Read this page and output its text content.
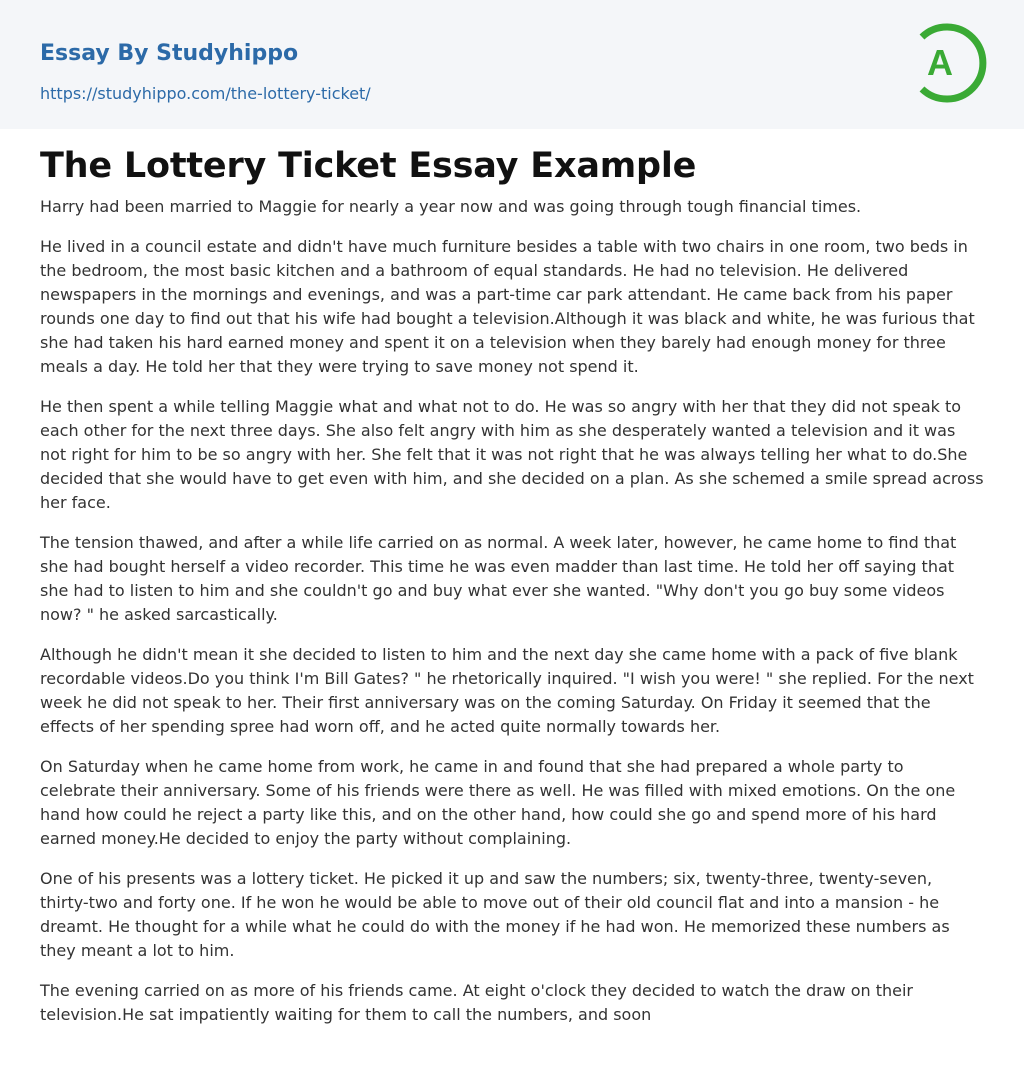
Essay By Studyhippo
https://studyhippo.com/the-lottery-ticket/
A
The Lottery Ticket Essay Example

Harry had been married to Maggie for nearly a year now and was going through tough financial times.

He lived in a council estate and didn't have much furniture besides a table with two chairs in one room, two beds in the bedroom, the most basic kitchen and a bathroom of equal standards. He had no television. He delivered newspapers in the mornings and evenings, and was a part-time car park attendant. He came back from his paper rounds one day to find out that his wife had bought a television.Although it was black and white, he was furious that she had taken his hard earned money and spent it on a television when they barely had enough money for three meals a day. He told her that they were trying to save money not spend it.

He then spent a while telling Maggie what and what not to do. He was so angry with her that they did not speak to each other for the next three days. She also felt angry with him as she desperately wanted a television and it was not right for him to be so angry with her. She felt that it was not right that he was always telling her what to do.She decided that she would have to get even with him, and she decided on a plan. As she schemed a smile spread across her face.

The tension thawed, and after a while life carried on as normal. A week later, however, he came home to find that she had bought herself a video recorder. This time he was even madder than last time. He told her off saying that she had to listen to him and she couldn't go and buy what ever she wanted. "Why don't you go buy some videos now? " he asked sarcastically.

Although he didn't mean it she decided to listen to him and the next day she came home with a pack of five blank recordable videos.Do you think I'm Bill Gates? " he rhetorically inquired. "I wish you were! " she replied. For the next week he did not speak to her. Their first anniversary was on the coming Saturday. On Friday it seemed that the effects of her spending spree had worn off, and he acted quite normally towards her.

On Saturday when he came home from work, he came in and found that she had prepared a whole party to celebrate their anniversary. Some of his friends were there as well. He was filled with mixed emotions. On the one hand how could he reject a party like this, and on the other hand, how could she go and spend more of his hard earned money.He decided to enjoy the party without complaining.

One of his presents was a lottery ticket. He picked it up and saw the numbers; six, twenty-three, twenty-seven, thirty-two and forty one. If he won he would be able to move out of their old council flat and into a mansion - he dreamt. He thought for a while what he could do with the money if he had won. He memorized these numbers as they meant a lot to him.

The evening carried on as more of his friends came. At eight o'clock they decided to watch the draw on their television.He sat impatiently waiting for them to call the numbers, and soon
